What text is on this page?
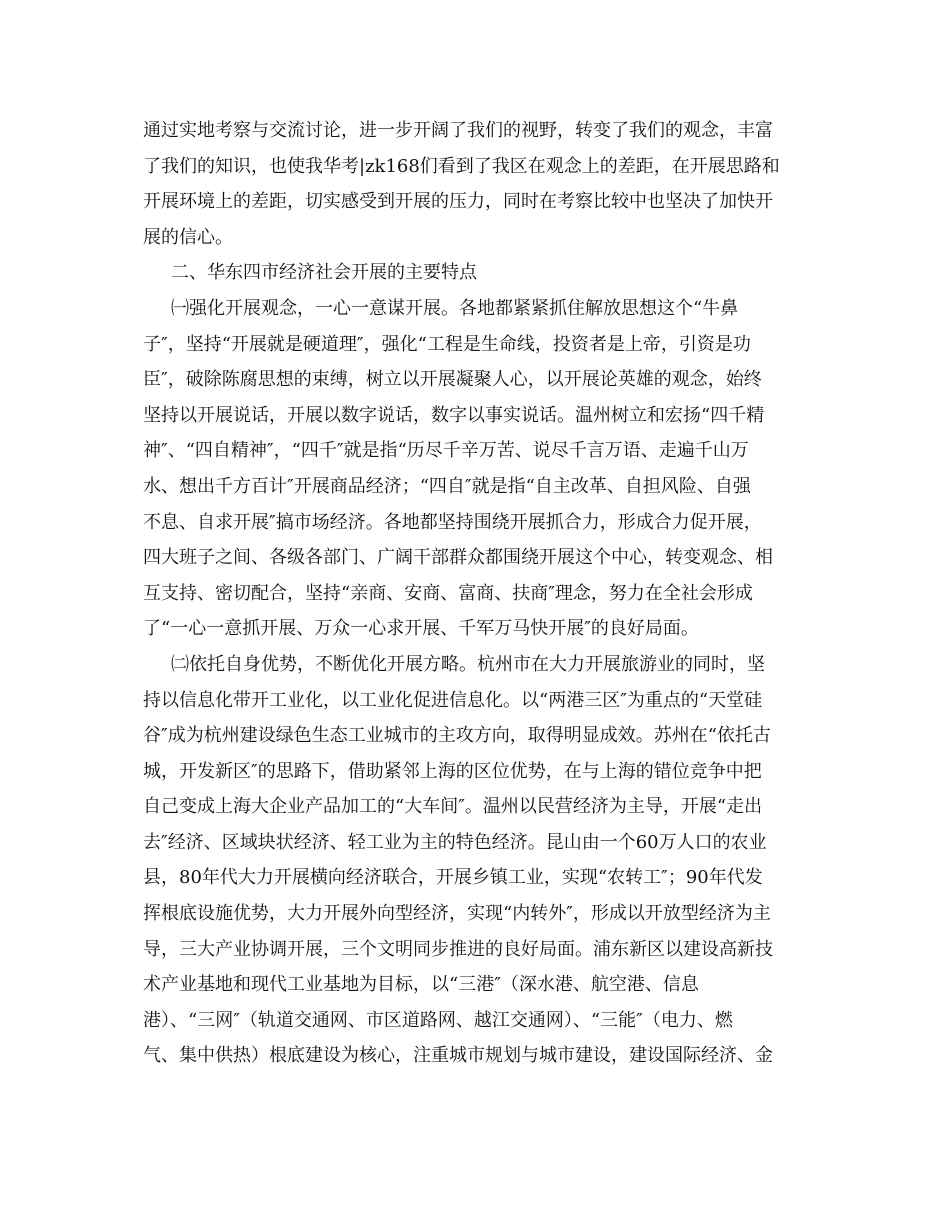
通过实地考察与交流讨论，进一步开阔了我们的视野，转变了我们的观念，丰富
了我们的知识，也使我华考|zk168们看到了我区在观念上的差距，在开展思路和
开展环境上的差距，切实感受到开展的压力，同时在考察比较中也坚决了加快开
展的信心。
二、华东四市经济社会开展的主要特点
㈠强化开展观念，一心一意谋开展。各地都紧紧抓住解放思想这个“牛鼻
子″，坚持“开展就是硬道理″，强化“工程是生命线，投资者是上帝，引资是功
臣″，破除陈腐思想的束缚，树立以开展凝聚人心，以开展论英雄的观念，始终
坚持以开展说话，开展以数字说话，数字以事实说话。温州树立和宏扬“四千精
神″、“四自精神″，“四千″就是指“历尽千辛万苦、说尽千言万语、走遍千山万
水、想出千方百计″开展商品经济；“四自″就是指“自主改革、自担风险、自强
不息、自求开展″搞市场经济。各地都坚持围绕开展抓合力，形成合力促开展，
四大班子之间、各级各部门、广阔干部群众都围绕开展这个中心，转变观念、相
互支持、密切配合，坚持“亲商、安商、富商、扶商″理念，努力在全社会形成
了“一心一意抓开展、万众一心求开展、千军万马快开展″的良好局面。
㈡依托自身优势，不断优化开展方略。杭州市在大力开展旅游业的同时，坚
持以信息化带开工业化，以工业化促进信息化。以“两港三区″为重点的“天堂硅
谷″成为杭州建设绿色生态工业城市的主攻方向，取得明显成效。苏州在“依托古
城，开发新区″的思路下，借助紧邻上海的区位优势，在与上海的错位竞争中把
自己变成上海大企业产品加工的“大车间″。温州以民营经济为主导，开展“走出
去″经济、区域块状经济、轻工业为主的特色经济。昆山由一个60万人口的农业
县，80年代大力开展横向经济联合，开展乡镇工业，实现“农转工″；90年代发
挥根底设施优势，大力开展外向型经济，实现“内转外″，形成以开放型经济为主
导，三大产业协调开展，三个文明同步推进的良好局面。浦东新区以建设高新技
术产业基地和现代工业基地为目标，以“三港″（深水港、航空港、信息
港）、“三网″（轨道交通网、市区道路网、越江交通网）、“三能″（电力、燃
气、集中供热）根底建设为核心，注重城市规划与城市建设，建设国际经济、金
